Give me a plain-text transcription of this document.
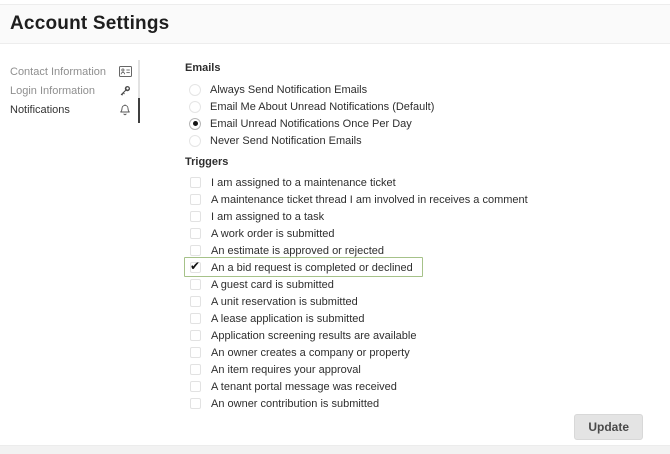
Account Settings
Contact Information
Login Information
Notifications
Emails
Always Send Notification Emails
Email Me About Unread Notifications (Default)
Email Unread Notifications Once Per Day
Never Send Notification Emails
Triggers
I am assigned to a maintenance ticket
A maintenance ticket thread I am involved in receives a comment
I am assigned to a task
A work order is submitted
An estimate is approved or rejected
✔
An a bid request is completed or declined
A guest card is submitted
A unit reservation is submitted
A lease application is submitted
Application screening results are available
An owner creates a company or property
An item requires your approval
A tenant portal message was received
An owner contribution is submitted
Update
